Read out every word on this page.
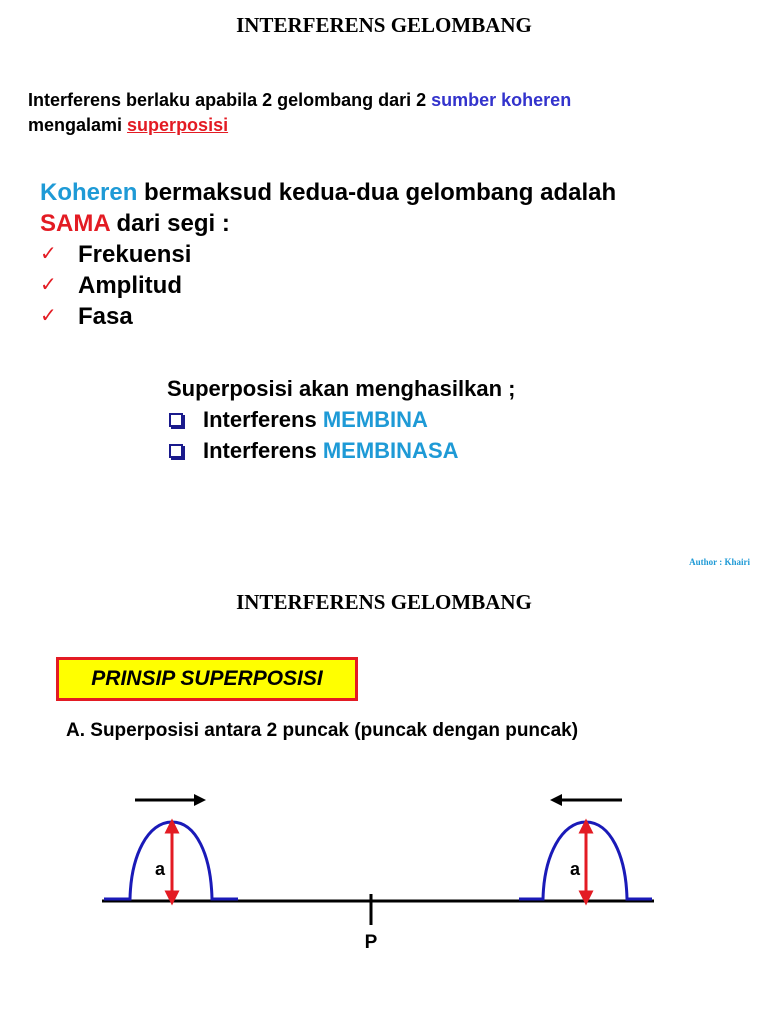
INTERFERENS GELOMBANG
Interferens berlaku apabila 2 gelombang dari 2 sumber koheren
mengalami superposisi
Koheren bermaksud kedua-dua gelombang adalah
SAMA dari segi :
✓ Frekuensi
✓ Amplitud
✓ Fasa
Superposisi akan menghasilkan ;
Interferens
MEMBINA
Interferens
MEMBINASA
Author : Khairi
INTERFERENS GELOMBANG
PRINSIP SUPERPOSISI
A. Superposisi antara 2 puncak (puncak dengan puncak)
a	a
P
